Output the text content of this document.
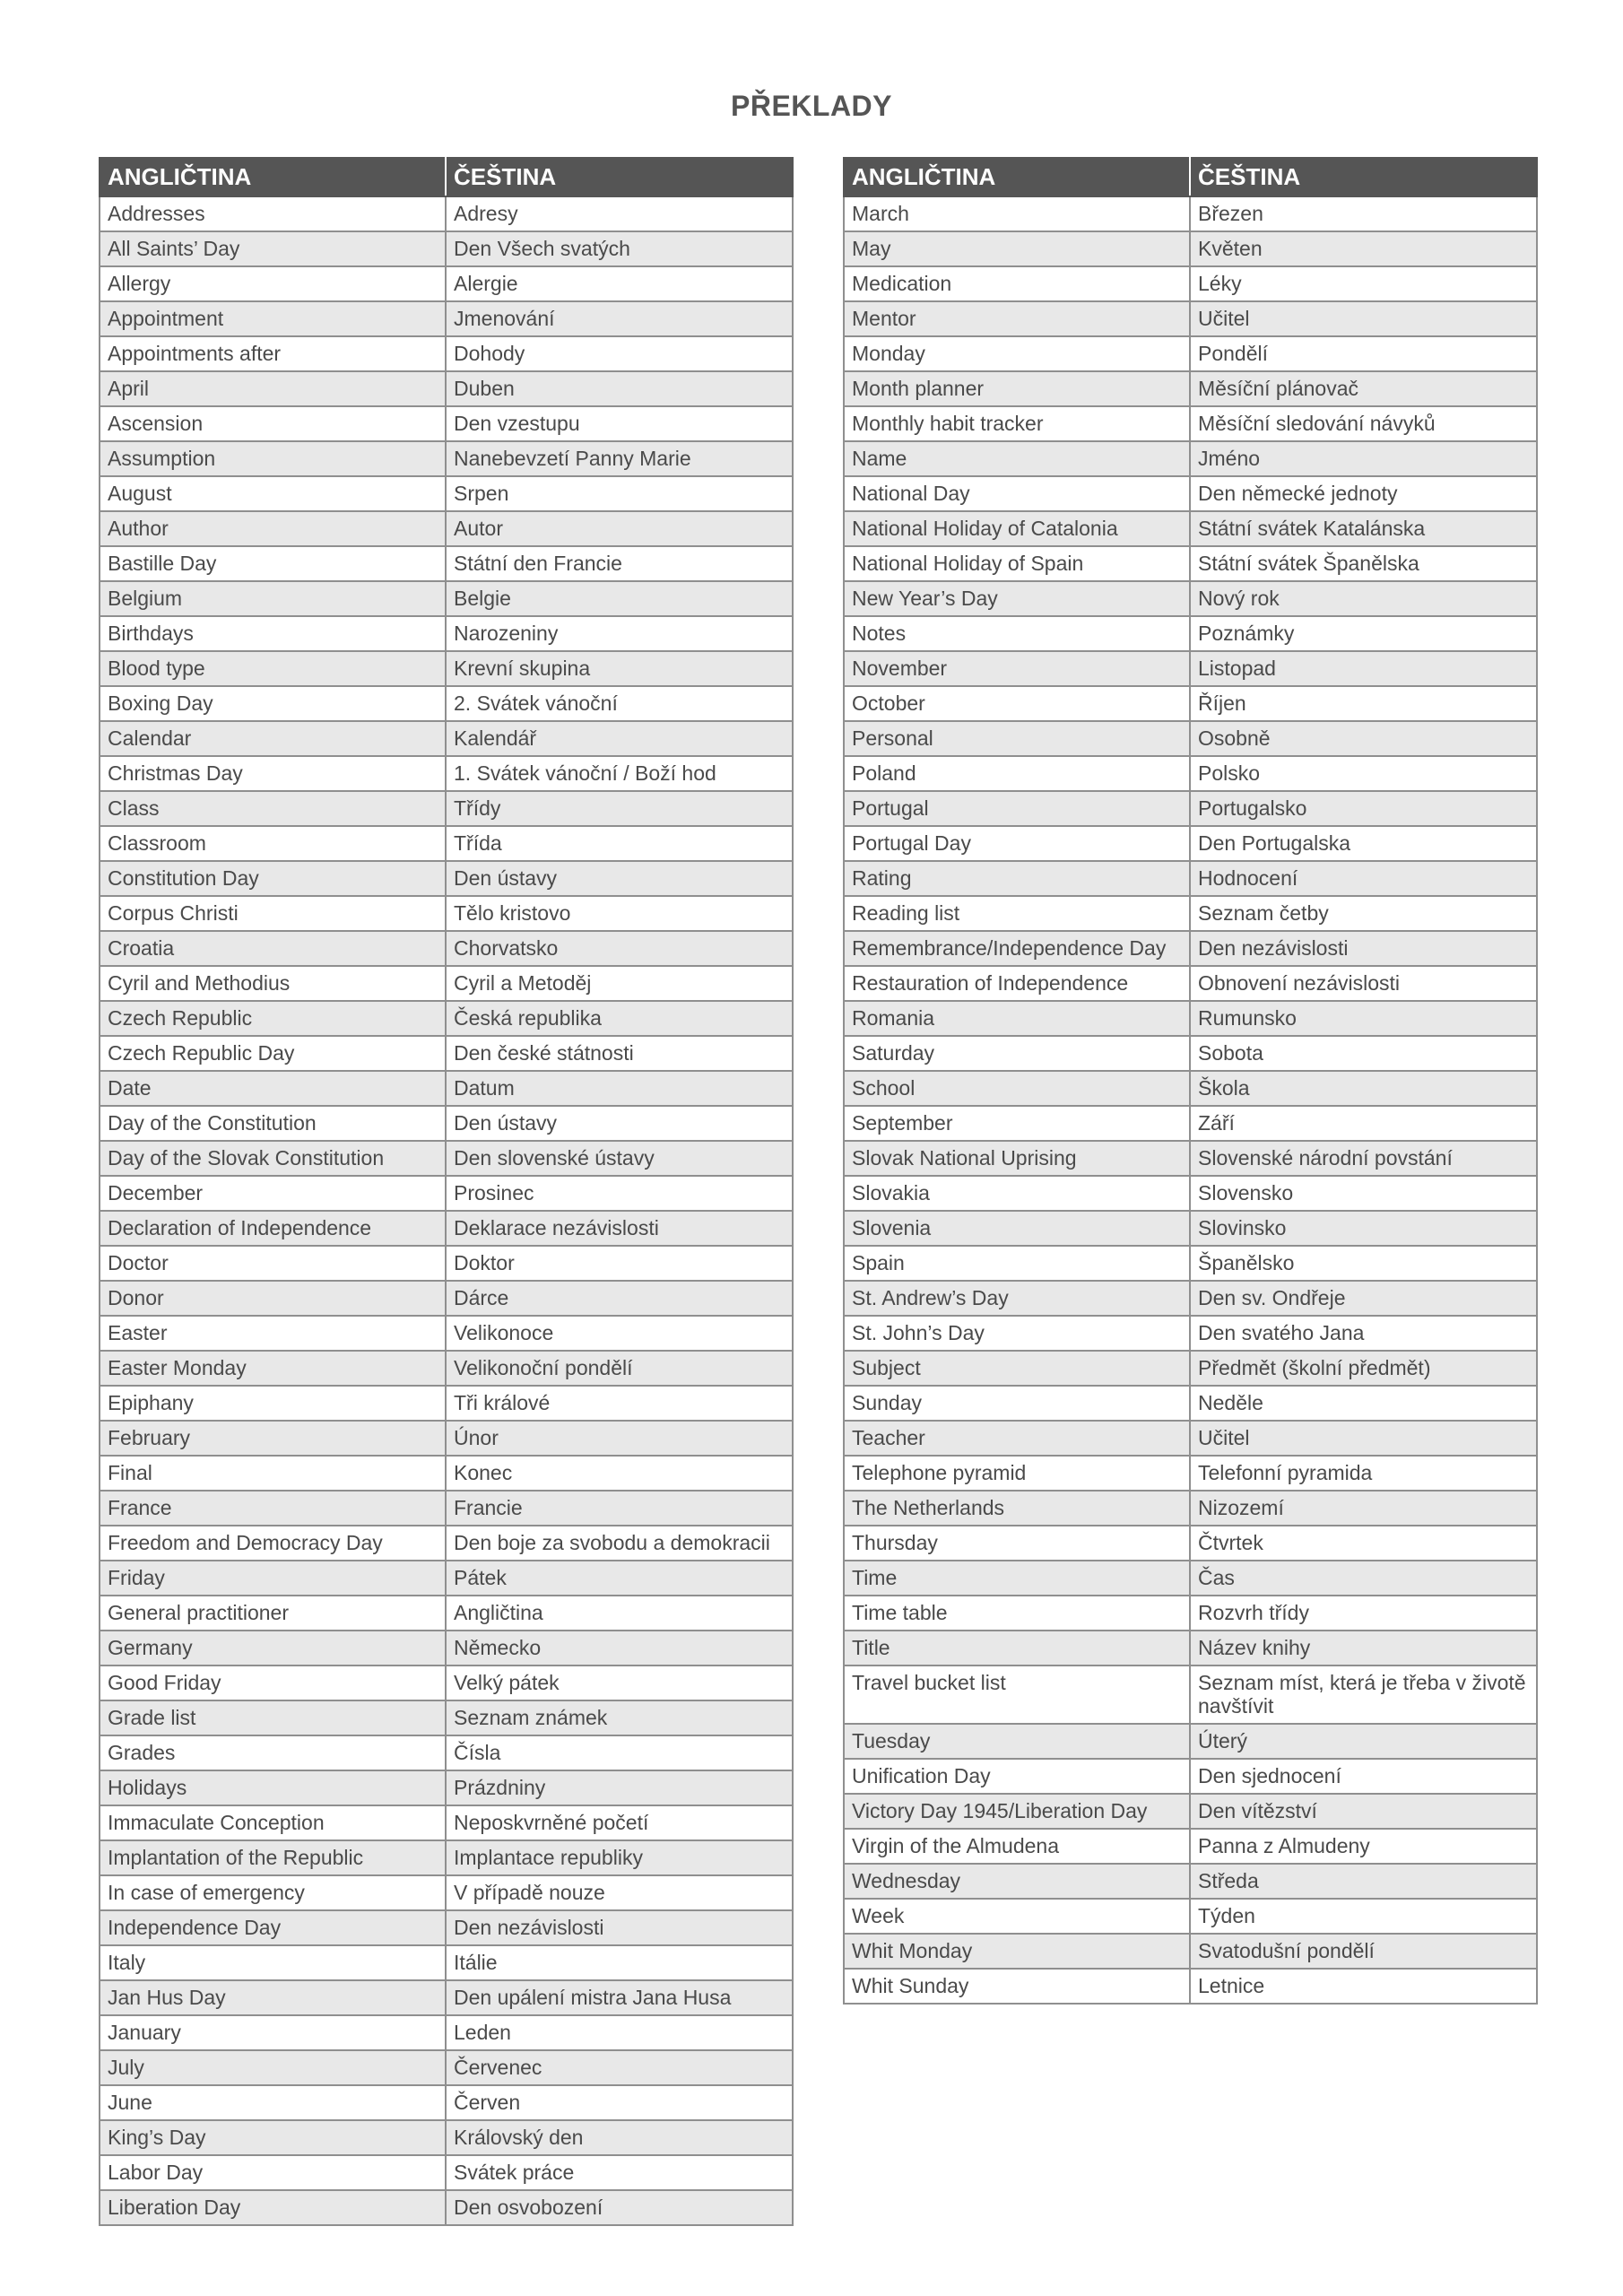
PŘEKLADY
ANGLIČTINA	ČEŠTINA
Addresses	Adresy
All Saints’ Day	Den Všech svatých
Allergy	Alergie
Appointment	Jmenování
Appointments after	Dohody
April	Duben
Ascension	Den vzestupu
Assumption	Nanebevzetí Panny Marie
August	Srpen
Author	Autor
Bastille Day	Státní den Francie
Belgium	Belgie
Birthdays	Narozeniny
Blood type	Krevní skupina
Boxing Day	2. Svátek vánoční
Calendar	Kalendář
Christmas Day	1. Svátek vánoční / Boží hod
Class	Třídy
Classroom	Třída
Constitution Day	Den ústavy
Corpus Christi	Tělo kristovo
Croatia	Chorvatsko
Cyril and Methodius	Cyril a Metoděj
Czech Republic	Česká republika
Czech Republic Day	Den české státnosti
Date	Datum
Day of the Constitution	Den ústavy
Day of the Slovak Constitution	Den slovenské ústavy
December	Prosinec
Declaration of Independence	Deklarace nezávislosti
Doctor	Doktor
Donor	Dárce
Easter	Velikonoce
Easter Monday	Velikonoční pondělí
Epiphany	Tři králové
February	Únor
Final	Konec
France	Francie
Freedom and Democracy Day	Den boje za svobodu a demokracii
Friday	Pátek
General practitioner	Angličtina
Germany	Německo
Good Friday	Velký pátek
Grade list	Seznam známek
Grades	Čísla
Holidays	Prázdniny
Immaculate Conception	Neposkvrněné početí
Implantation of the Republic	Implantace republiky
In case of emergency	V případě nouze
Independence Day	Den nezávislosti
Italy	Itálie
Jan Hus Day	Den upálení mistra Jana Husa
January	Leden
July	Červenec
June	Červen
King’s Day	Královský den
Labor Day	Svátek práce
Liberation Day	Den osvobození
ANGLIČTINA	ČEŠTINA
March	Březen
May	Květen
Medication	Léky
Mentor	Učitel
Monday	Pondělí
Month planner	Měsíční plánovač
Monthly habit tracker	Měsíční sledování návyků
Name	Jméno
National Day	Den německé jednoty
National Holiday of Catalonia	Státní svátek Katalánska
National Holiday of Spain	Státní svátek Španělska
New Year’s Day	Nový rok
Notes	Poznámky
November	Listopad
October	Říjen
Personal	Osobně
Poland	Polsko
Portugal	Portugalsko
Portugal Day	Den Portugalska
Rating	Hodnocení
Reading list	Seznam četby
Remembrance/Independence Day	Den nezávislosti
Restauration of Independence	Obnovení nezávislosti
Romania	Rumunsko
Saturday	Sobota
School	Škola
September	Září
Slovak National Uprising	Slovenské národní povstání
Slovakia	Slovensko
Slovenia	Slovinsko
Spain	Španělsko
St. Andrew’s Day	Den sv. Ondřeje
St. John’s Day	Den svatého Jana
Subject	Předmět (školní předmět)
Sunday	Neděle
Teacher	Učitel
Telephone pyramid	Telefonní pyramida
The Netherlands	Nizozemí
Thursday	Čtvrtek
Time	Čas
Time table	Rozvrh třídy
Title	Název knihy
Travel bucket list	Seznam míst, která je třeba v životě navštívit
Tuesday	Úterý
Unification Day	Den sjednocení
Victory Day 1945/Liberation Day	Den vítězství
Virgin of the Almudena	Panna z Almudeny
Wednesday	Středa
Week	Týden
Whit Monday	Svatodušní pondělí
Whit Sunday	Letnice
